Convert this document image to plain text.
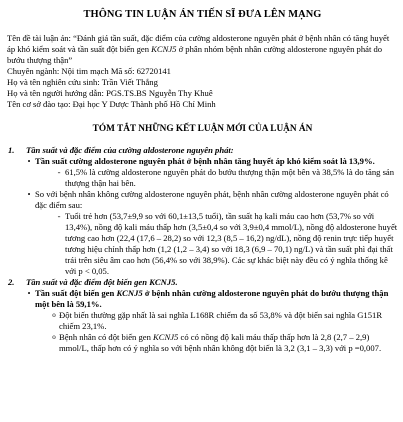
THÔNG TIN LUẬN ÁN TIẾN SĨ ĐƯA LÊN MẠNG
Tên đề tài luận án: “Đánh giá tần suất, đặc điểm của cường aldosterone nguyên phát ở bệnh nhân có tăng huyết áp khó kiểm soát và tần suất đột biến gen KCNJ5 ở phân nhóm bệnh nhân cường aldosterone nguyên phát do bướu thượng thận”
Chuyên ngành: Nội tim mạch Mã số: 62720141
Họ và tên nghiên cứu sinh: Trần Viết Thắng
Họ và tên người hướng dẫn: PGS.TS.BS Nguyễn Thy Khuê
Tên cơ sở đào tạo: Đại học Y Dược Thành phố Hồ Chí Minh
TÓM TẮT NHỮNG KẾT LUẬN MỚI CỦA LUẬN ÁN
1.	Tần suất và đặc điểm của cường aldosterone nguyên phát:
• Tần suất cường aldosterone nguyên phát ở bệnh nhân tăng huyết áp khó kiểm soát là 13,9%.
- 61,5% là cường aldosterone nguyên phát do bướu thượng thận một bên và 38,5% là do tăng sản thượng thận hai bên.
• So với bệnh nhân không cường aldosterone nguyên phát, bệnh nhân cường aldosterone nguyên phát có đặc điểm sau:
- Tuổi trẻ hơn (53,7±9,9 so với 60,1±13,5 tuổi), tần suất hạ kali máu cao hơn (53,7% so với 13,4%), nồng độ kali máu thấp hơn (3,5±0,4 so với 3,9±0,4 mmol/L), nồng độ aldosterone huyết tương cao hơn (22,4 (17,6 – 28,2) so với 12,3 (8,5 – 16,2) ng/dL), nồng độ renin trực tiếp huyết tương hiệu chỉnh thấp hơn (1,2 (1,2 – 3,4) so với 18,3 (6,9 – 70,1) ng/L) và tần suất phì đại thất trái trên siêu âm cao hơn (56,4% so với 38,9%). Các sự khác biệt này đều có ý nghĩa thống kê với p < 0,05.
2.	Tần suất và đặc điểm đột biến gen KCNJ5.
• Tần suất đột biến gen KCNJ5 ở bệnh nhân cường aldosterone nguyên phát do bướu thượng thận một bên là 59,1%.
o Đột biến thường gặp nhất là sai nghĩa L168R chiếm đa số 53,8% và đột biến sai nghĩa G151R chiếm 23,1%.
o Bệnh nhân có đột biến gen KCNJ5 có có nồng độ kali máu thấp thấp hơn là 2,8 (2,7 – 2,9) mmol/L, thấp hơn có ý nghĩa so với bệnh nhân không đột biến là 3,2 (3,1 – 3,3) với p =0,007.
